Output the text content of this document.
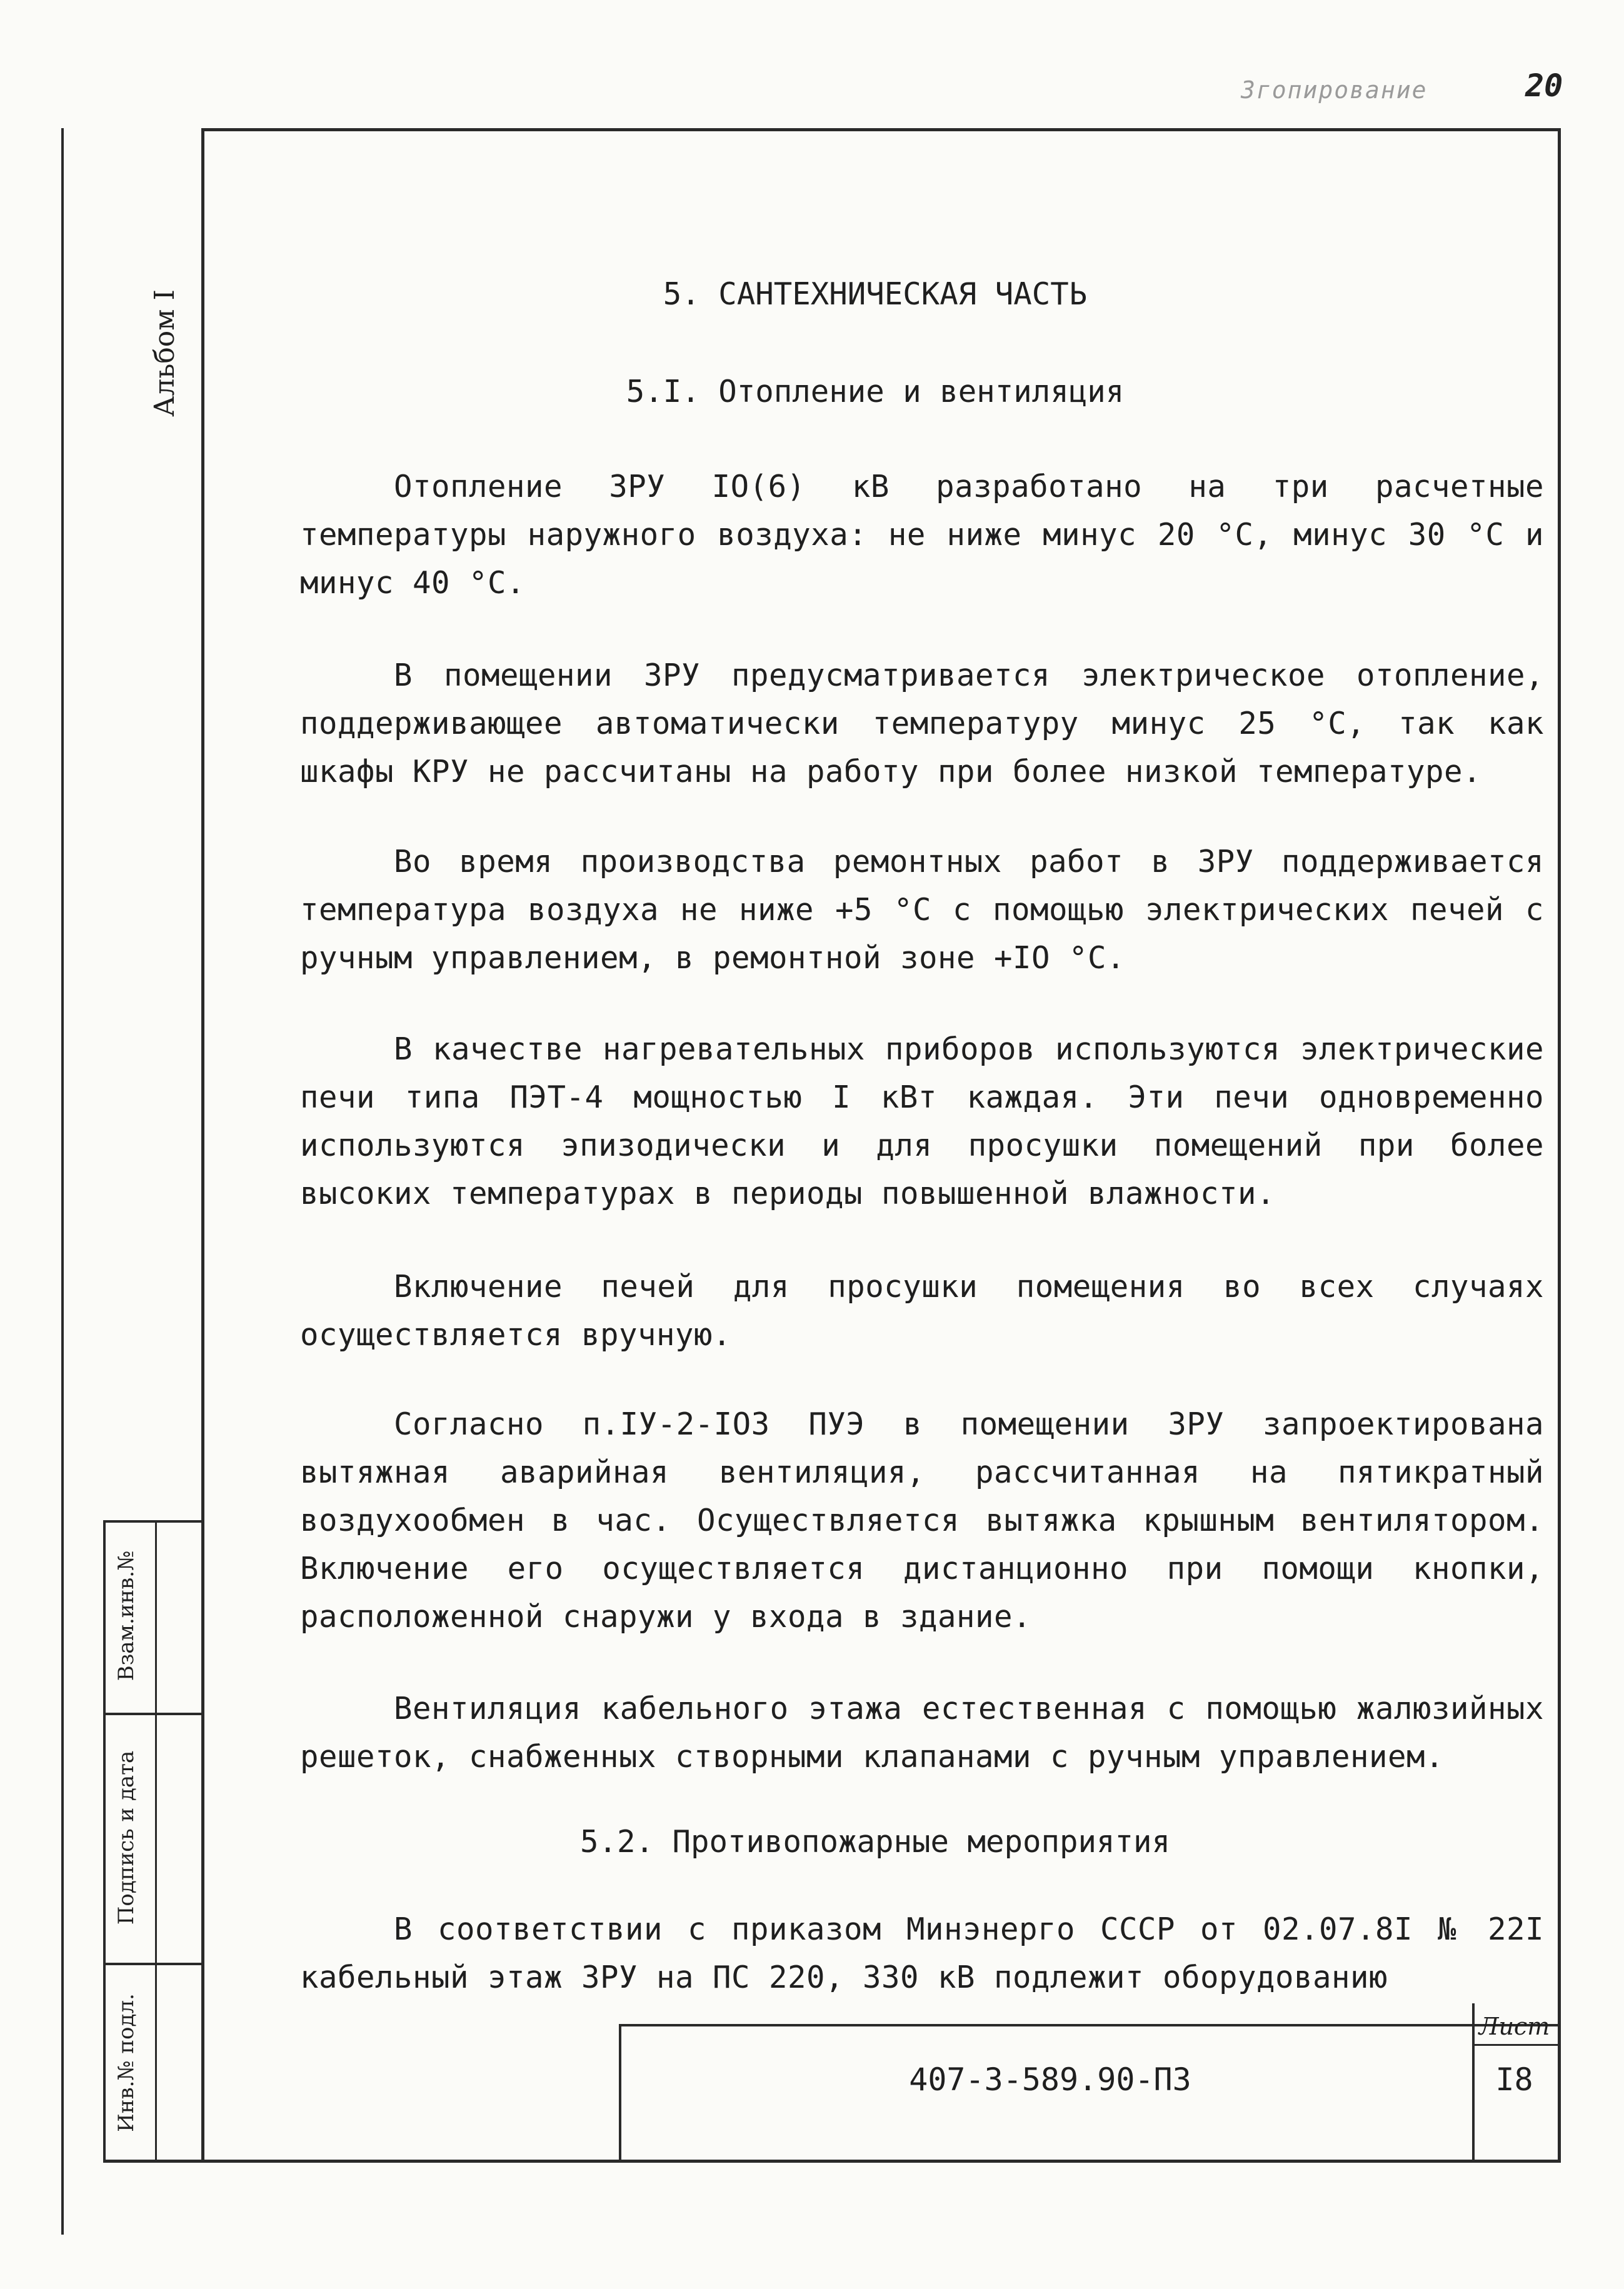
Згопирование	20
Альбом I
Взам.инв.№
Подпись и дата
Инв.№ подл.
5. САНТЕХНИЧЕСКАЯ ЧАСТЬ
5.I. Отопление и вентиляция

Отопление ЗРУ IO(6) кВ разработано на три расчетные температуры наружного воздуха: не ниже минус 20 °С, минус 30 °С и минус 40 °С.

В помещении ЗРУ предусматривается электрическое отопление, поддерживающее автоматически температуру минус 25 °С, так как шкафы КРУ не рассчитаны на работу при более низкой температуре.

Во время производства ремонтных работ в ЗРУ поддерживается температура воздуха не ниже +5 °С с помощью электрических печей с ручным управлением, в ремонтной зоне +IO °С.

В качестве нагревательных приборов используются электрические печи типа ПЭТ-4 мощностью I кВт каждая. Эти печи одновременно используются эпизодически и для просушки помещений при более высоких температурах в периоды повышенной влажности.

Включение печей для просушки помещения во всех случаях осуществляется вручную.

Согласно п.IУ-2-IO3 ПУЭ в помещении ЗРУ запроектирована вытяжная аварийная вентиляция, рассчитанная на пятикратный воздухообмен в час. Осуществляется вытяжка крышным вентилятором. Включение его осуществляется дистанционно при помощи кнопки, расположенной снаружи у входа в здание.

Вентиляция кабельного этажа естественная с помощью жалюзийных решеток, снабженных створными клапанами с ручным управлением.

5.2. Противопожарные мероприятия

В соответствии с приказом Минэнерго СССР от 02.07.8I № 22I кабельный этаж ЗРУ на ПС 220, 330 кВ подлежит оборудованию

407-3-589.90-ПЗ
Лист
I8
